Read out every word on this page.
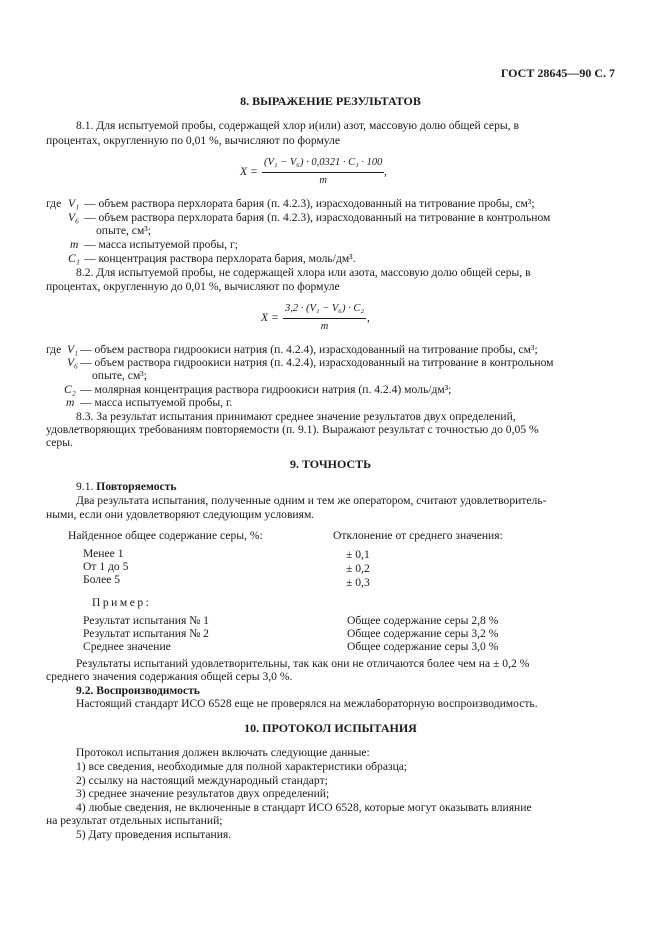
ГОСТ 28645—90 С. 7
8. ВЫРАЖЕНИЕ РЕЗУЛЬТАТОВ
8.1. Для испытуемой пробы, содержащей хлор и(или) азот, массовую долю общей серы, в
процентах, округленную по 0,01 %, вычисляют по формуле
$X = \frac{\text{(V₁ − V₆) · 0,0321 · C₁ · 100}}{m}$ ,
где V₁ — объем раствора перхлората бария (п. 4.2.3), израсходованный на титрование пробы, см³;
V₆ — объем раствора перхлората бария (п. 4.2.3), израсходованный на титрование в контрольном
опыте, см³;
m — масса испытуемой пробы, г;
C₁ — концентрация раствора перхлората бария, моль/дм³.
8.2. Для испытуемой пробы, не содержащей хлора или азота, массовую долю общей серы, в
процентах, округленную до 0,01 %, вычисляют по формуле
$X = \frac{\text{3,2 · (V₁ − V₆) · C₂}}{m}$ ,
где V₁ — объем раствора гидроокиси натрия (п. 4.2.4), израсходованный на титрование пробы, см³;
V₆ — объем раствора гидроокиси натрия (п. 4.2.4), израсходованный на титрование в контрольном
опыте, см³;
C₂ — молярная концентрация раствора гидроокиси натрия (п. 4.2.4) моль/дм³;
m — масса испытуемой пробы, г.
8.3. За результат испытания принимают среднее значение результатов двух определений,
удовлетворяющих требованиям повторяемости (п. 9.1). Выражают результат с точностью до 0,05 %
серы.
9. ТОЧНОСТЬ
9.1. Повторяемость
Два результата испытания, полученные одним и тем же оператором, считают удовлетворитель-
ными, если они удовлетворяют следующим условиям.
Найденное общее содержание серы, %:	Отклонение от среднего значения:
Менее 1	± 0,1
От 1 до 5	± 0,2
Более 5	± 0,3
Пример:
Результат испытания № 1	Общее содержание серы 2,8 %
Результат испытания № 2	Общее содержание серы 3,2 %
Среднее значение	Общее содержание серы 3,0 %
Результаты испытаний удовлетворительны, так как они не отличаются более чем на ± 0,2 %
среднего значения содержания общей серы 3,0 %.
9.2. Воспроизводимость
Настоящий стандарт ИСО 6528 еще не проверялся на межлабораторную воспроизводимость.
10. ПРОТОКОЛ ИСПЫТАНИЯ
Протокол испытания должен включать следующие данные:
1) все сведения, необходимые для полной характеристики образца;
2) ссылку на настоящий международный стандарт;
3) среднее значение результатов двух определений;
4) любые сведения, не включенные в стандарт ИСО 6528, которые могут оказывать влияние
на результат отдельных испытаний;
5) Дату проведения испытания.
